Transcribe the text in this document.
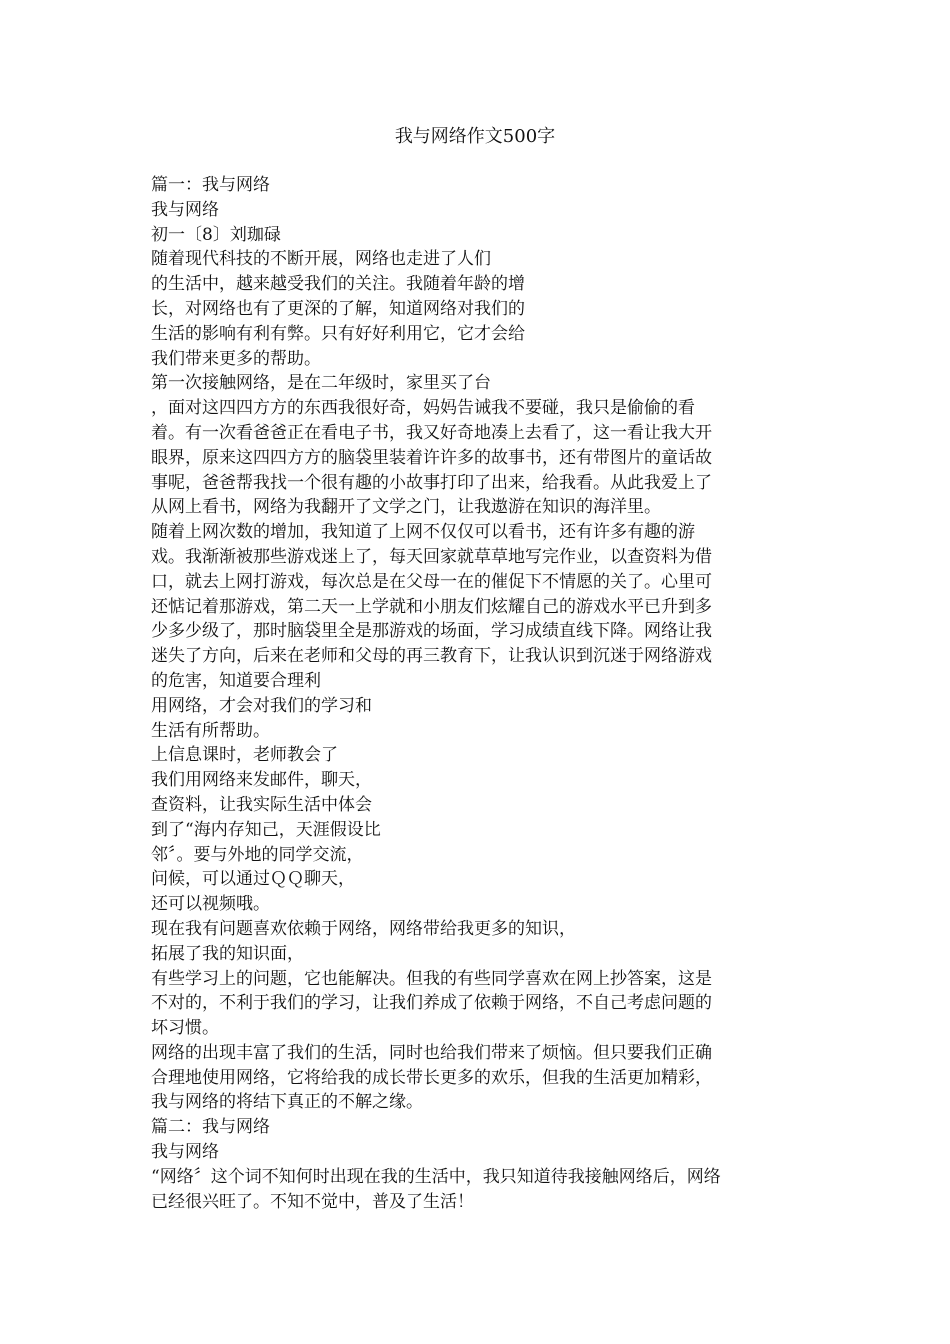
我与网络作文500字
篇一：我与网络
我与网络
初一〔8〕刘珈碌
随着现代科技的不断开展，网络也走进了人们
的生活中，越来越受我们的关注。我随着年龄的增
长，对网络也有了更深的了解，知道网络对我们的
生活的影响有利有弊。只有好好利用它，它才会给
我们带来更多的帮助。
第一次接触网络，是在二年级时，家里买了台
，面对这四四方方的东西我很好奇，妈妈告诫我不要碰，我只是偷偷的看
着。有一次看爸爸正在看电子书，我又好奇地凑上去看了，这一看让我大开
眼界，原来这四四方方的脑袋里装着许许多的故事书，还有带图片的童话故
事呢，爸爸帮我找一个很有趣的小故事打印了出来，给我看。从此我爱上了
从网上看书，网络为我翻开了文学之门，让我遨游在知识的海洋里。
随着上网次数的增加，我知道了上网不仅仅可以看书，还有许多有趣的游
戏。我渐渐被那些游戏迷上了，每天回家就草草地写完作业，以查资料为借
口，就去上网打游戏，每次总是在父母一在的催促下不情愿的关了。心里可
还惦记着那游戏，第二天一上学就和小朋友们炫耀自己的游戏水平已升到多
少多少级了，那时脑袋里全是那游戏的场面，学习成绩直线下降。网络让我
迷失了方向，后来在老师和父母的再三教育下，让我认识到沉迷于网络游戏
的危害，知道要合理利
用网络，才会对我们的学习和
生活有所帮助。
上信息课时，老师教会了
我们用网络来发邮件，聊天，
查资料，让我实际生活中体会
到了“海内存知己，天涯假设比
邻〞。要与外地的同学交流，
问候，可以通过ＱＱ聊天，
还可以视频哦。
现在我有问题喜欢依赖于网络，网络带给我更多的知识，
拓展了我的知识面，
有些学习上的问题，它也能解决。但我的有些同学喜欢在网上抄答案，这是
不对的，不利于我们的学习，让我们养成了依赖于网络，不自己考虑问题的
坏习惯。
网络的出现丰富了我们的生活，同时也给我们带来了烦恼。但只要我们正确
合理地使用网络，它将给我的成长带长更多的欢乐，但我的生活更加精彩，
我与网络的将结下真正的不解之缘。
篇二：我与网络
我与网络
“网络〞这个词不知何时出现在我的生活中，我只知道待我接触网络后，网络
已经很兴旺了。不知不觉中，普及了生活！
